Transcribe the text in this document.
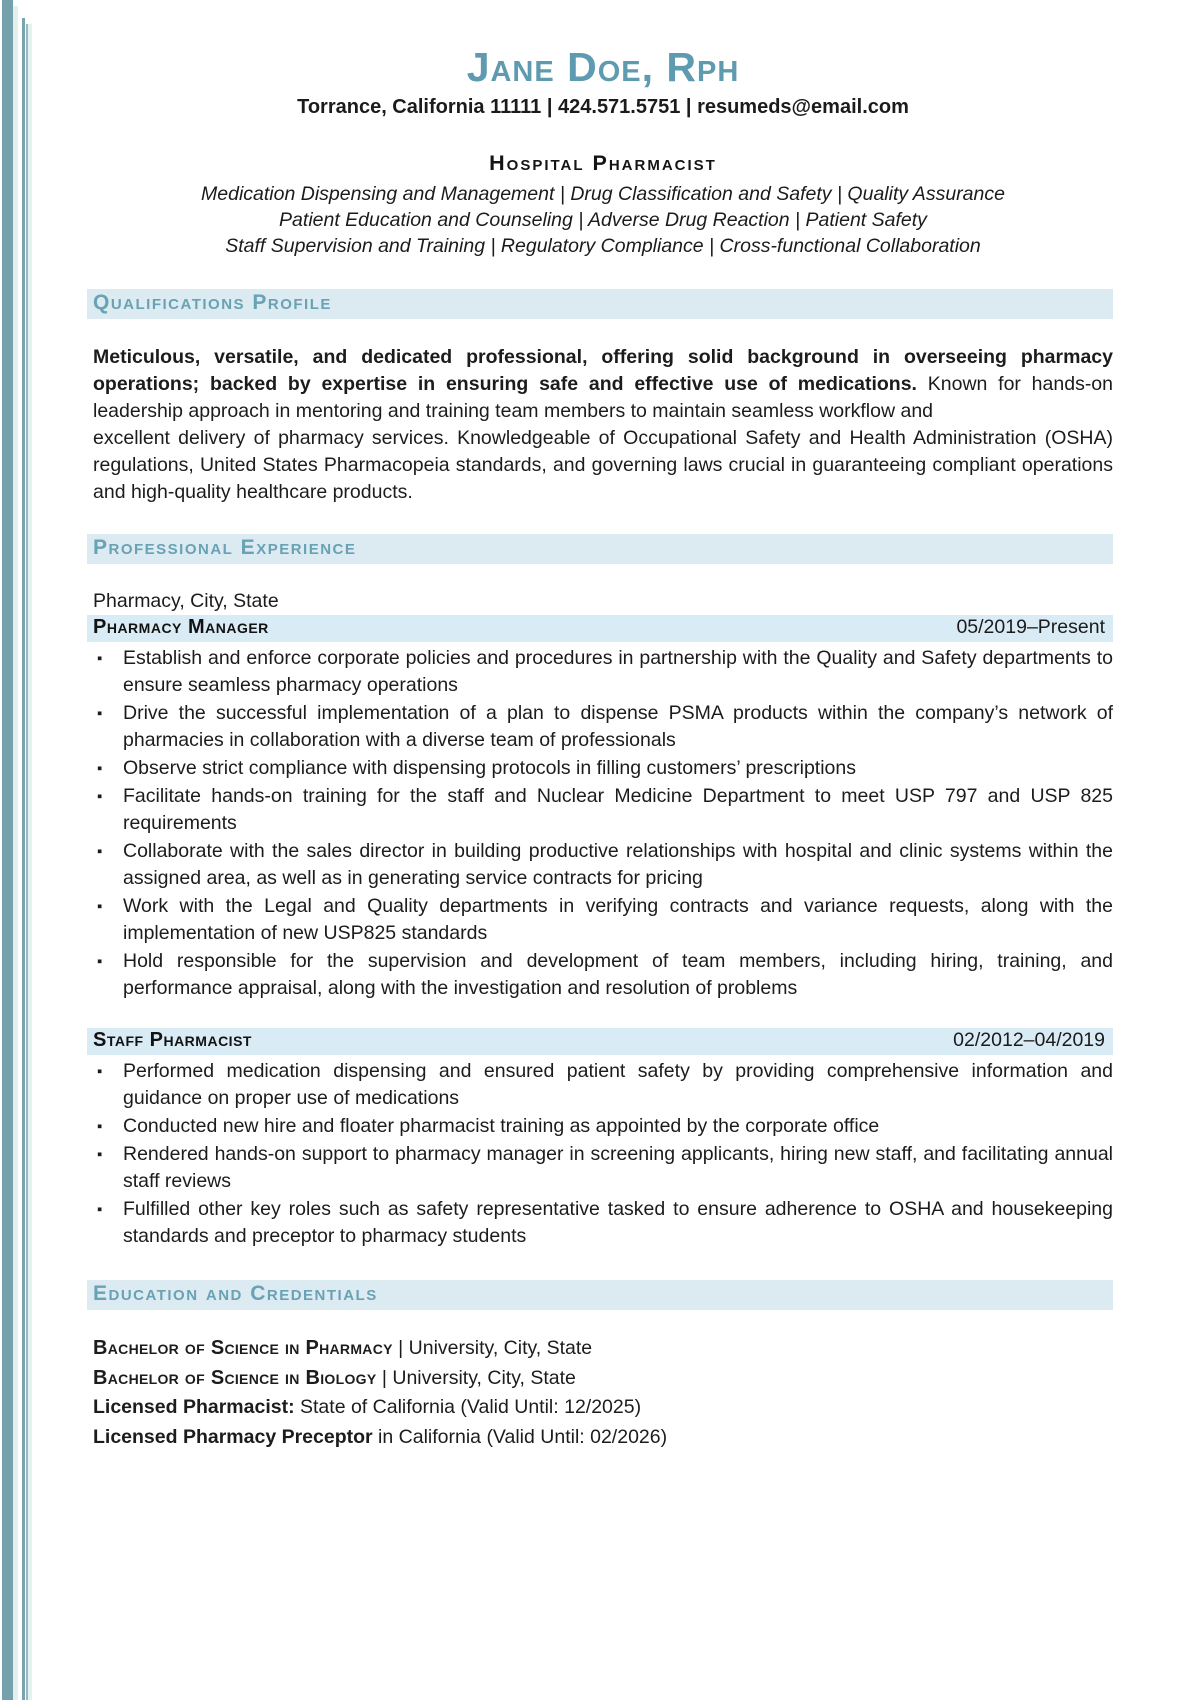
Jane Doe, Rph
Torrance, California 11111 | 424.571.5751 | resumeds@email.com
Hospital Pharmacist
Medication Dispensing and Management | Drug Classification and Safety | Quality Assurance
Patient Education and Counseling | Adverse Drug Reaction | Patient Safety
Staff Supervision and Training | Regulatory Compliance | Cross-functional Collaboration
Qualifications Profile
Meticulous, versatile, and dedicated professional, offering solid background in overseeing pharmacy operations; backed by expertise in ensuring safe and effective use of medications. Known for hands-on leadership approach in mentoring and training team members to maintain seamless workflow and
excellent delivery of pharmacy services. Knowledgeable of Occupational Safety and Health Administration (OSHA) regulations, United States Pharmacopeia standards, and governing laws crucial in guaranteeing compliant operations and high-quality healthcare products.
Professional Experience
Pharmacy, City, State
Pharmacy Manager	05/2019–Present
▪ Establish and enforce corporate policies and procedures in partnership with the Quality and Safety departments to ensure seamless pharmacy operations
▪ Drive the successful implementation of a plan to dispense PSMA products within the company’s network of pharmacies in collaboration with a diverse team of professionals
▪ Observe strict compliance with dispensing protocols in filling customers’ prescriptions
▪ Facilitate hands-on training for the staff and Nuclear Medicine Department to meet USP 797 and USP 825 requirements
▪ Collaborate with the sales director in building productive relationships with hospital and clinic systems within the assigned area, as well as in generating service contracts for pricing
▪ Work with the Legal and Quality departments in verifying contracts and variance requests, along with the implementation of new USP825 standards
▪ Hold responsible for the supervision and development of team members, including hiring, training, and performance appraisal, along with the investigation and resolution of problems
Staff Pharmacist	02/2012–04/2019
▪ Performed medication dispensing and ensured patient safety by providing comprehensive information and guidance on proper use of medications
▪ Conducted new hire and floater pharmacist training as appointed by the corporate office
▪ Rendered hands-on support to pharmacy manager in screening applicants, hiring new staff, and facilitating annual staff reviews
▪ Fulfilled other key roles such as safety representative tasked to ensure adherence to OSHA and housekeeping standards and preceptor to pharmacy students
Education and Credentials
Bachelor of Science in Pharmacy | University, City, State
Bachelor of Science in Biology | University, City, State
Licensed Pharmacist: State of California (Valid Until: 12/2025)
Licensed Pharmacy Preceptor in California (Valid Until: 02/2026)
